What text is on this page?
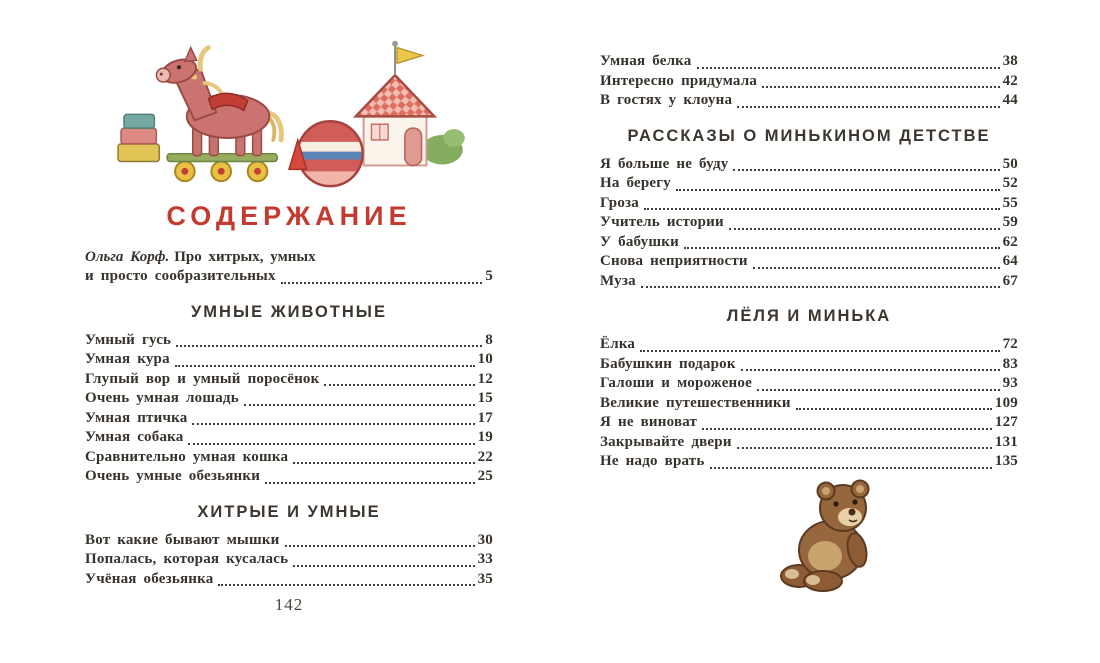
СОДЕРЖАНИЕ
Ольга Корф. Про хитрых, умных
и просто сообразительных	5
УМНЫЕ ЖИВОТНЫЕ
Умный гусь	8
Умная кура	10
Глупый вор и умный поросёнок	12
Очень умная лошадь	15
Умная птичка	17
Умная собака	19
Сравнительно умная кошка	22
Очень умные обезьянки	25
ХИТРЫЕ И УМНЫЕ
Вот какие бывают мышки	30
Попалась, которая кусалась	33
Учёная обезьянка	35
142
Умная белка	38
Интересно придумала	42
В гостях у клоуна	44
РАССКАЗЫ О МИНЬКИНОМ ДЕТСТВЕ
Я больше не буду	50
На берегу	52
Гроза	55
Учитель истории	59
У бабушки	62
Снова неприятности	64
Муза	67
ЛЁЛЯ И МИНЬКА
Ёлка	72
Бабушкин подарок	83
Галоши и мороженое	93
Великие путешественники	109
Я не виноват	127
Закрывайте двери	131
Не надо врать	135
